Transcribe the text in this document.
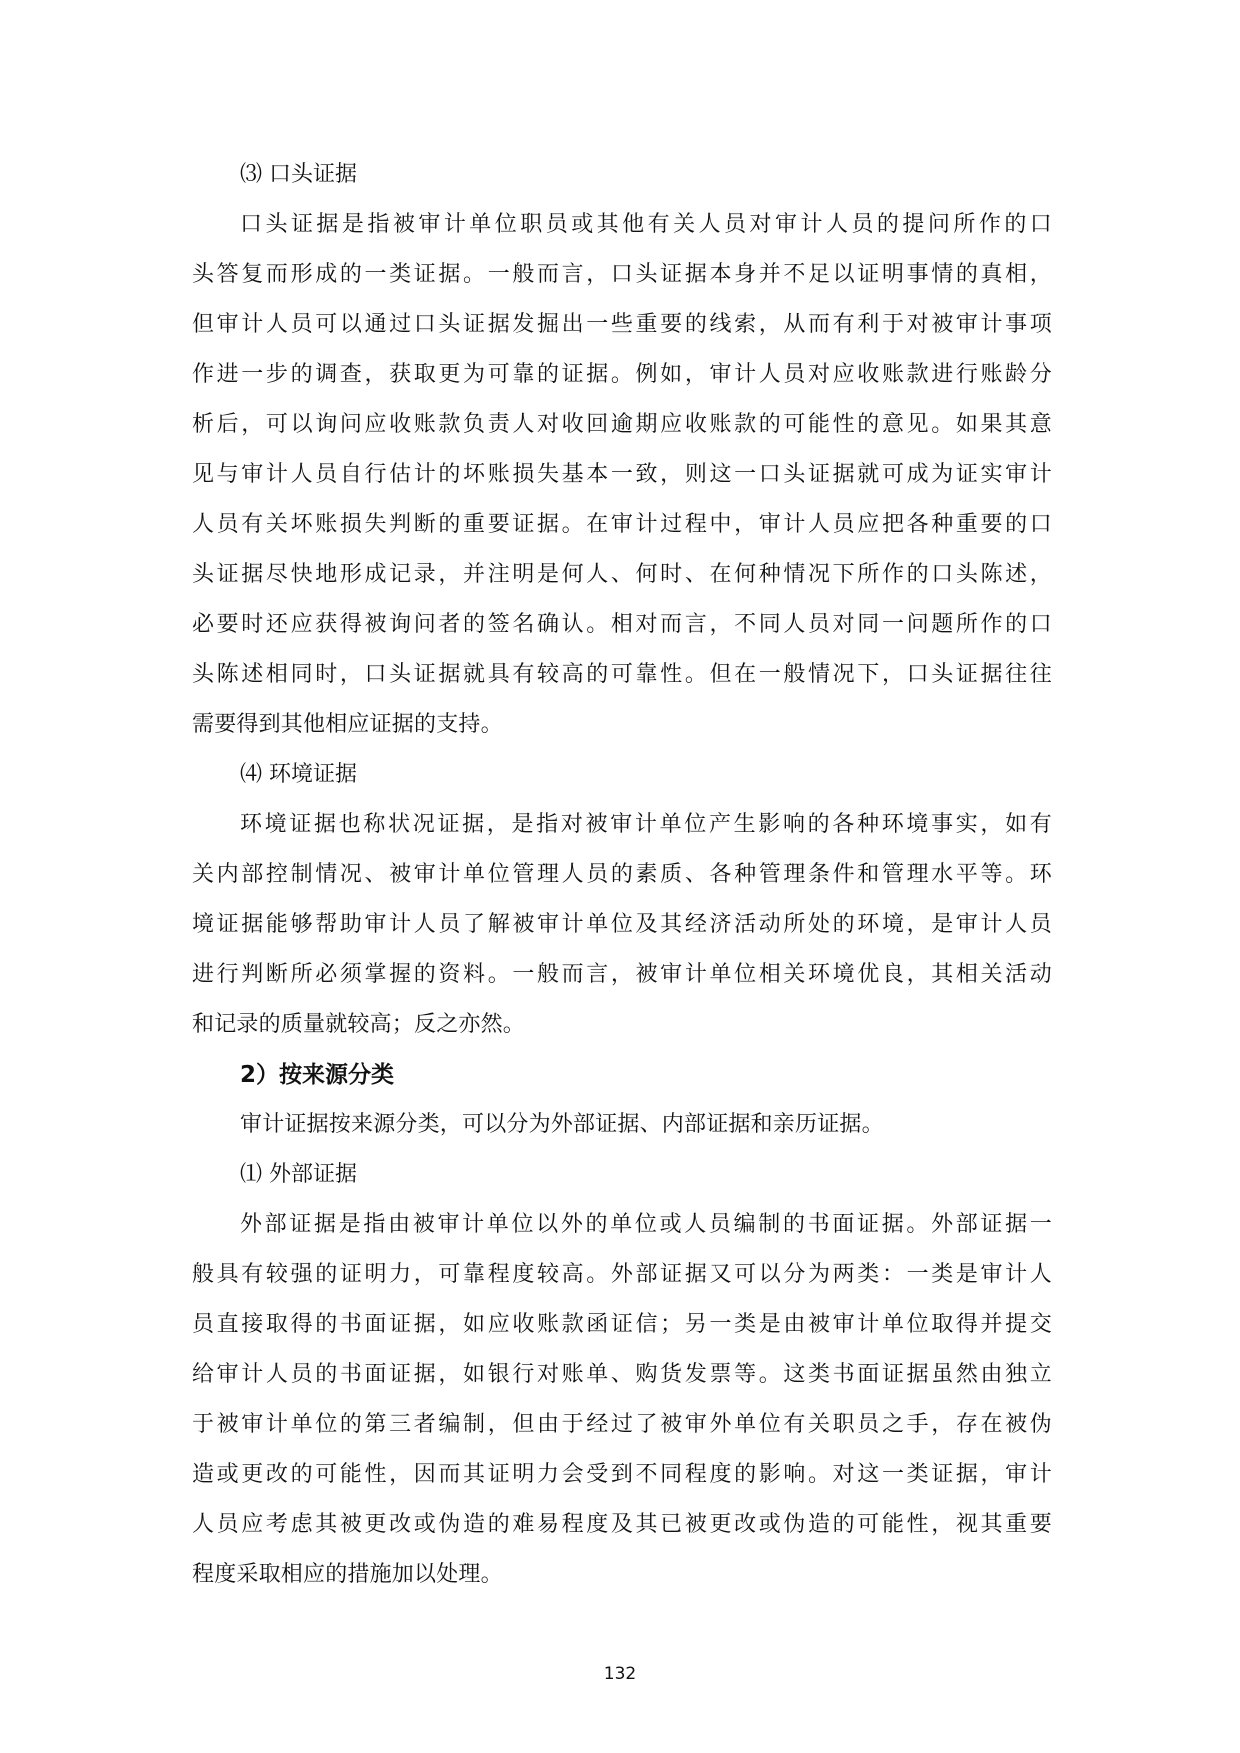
⑶ 口头证据
口头证据是指被审计单位职员或其他有关人员对审计人员的提问所作的口
头答复而形成的一类证据。一般而言，口头证据本身并不足以证明事情的真相，
但审计人员可以通过口头证据发掘出一些重要的线索，从而有利于对被审计事项
作进一步的调查，获取更为可靠的证据。例如，审计人员对应收账款进行账龄分
析后，可以询问应收账款负责人对收回逾期应收账款的可能性的意见。如果其意
见与审计人员自行估计的坏账损失基本一致，则这一口头证据就可成为证实审计
人员有关坏账损失判断的重要证据。在审计过程中，审计人员应把各种重要的口
头证据尽快地形成记录，并注明是何人、何时、在何种情况下所作的口头陈述，
必要时还应获得被询问者的签名确认。相对而言，不同人员对同一问题所作的口
头陈述相同时，口头证据就具有较高的可靠性。但在一般情况下，口头证据往往
需要得到其他相应证据的支持。
⑷ 环境证据
环境证据也称状况证据，是指对被审计单位产生影响的各种环境事实，如有
关内部控制情况、被审计单位管理人员的素质、各种管理条件和管理水平等。环
境证据能够帮助审计人员了解被审计单位及其经济活动所处的环境，是审计人员
进行判断所必须掌握的资料。一般而言，被审计单位相关环境优良，其相关活动
和记录的质量就较高；反之亦然。
2）按来源分类
审计证据按来源分类，可以分为外部证据、内部证据和亲历证据。
⑴ 外部证据
外部证据是指由被审计单位以外的单位或人员编制的书面证据。外部证据一
般具有较强的证明力，可靠程度较高。外部证据又可以分为两类：一类是审计人
员直接取得的书面证据，如应收账款函证信；另一类是由被审计单位取得并提交
给审计人员的书面证据，如银行对账单、购货发票等。这类书面证据虽然由独立
于被审计单位的第三者编制，但由于经过了被审外单位有关职员之手，存在被伪
造或更改的可能性，因而其证明力会受到不同程度的影响。对这一类证据，审计
人员应考虑其被更改或伪造的难易程度及其已被更改或伪造的可能性，视其重要
程度采取相应的措施加以处理。
132
